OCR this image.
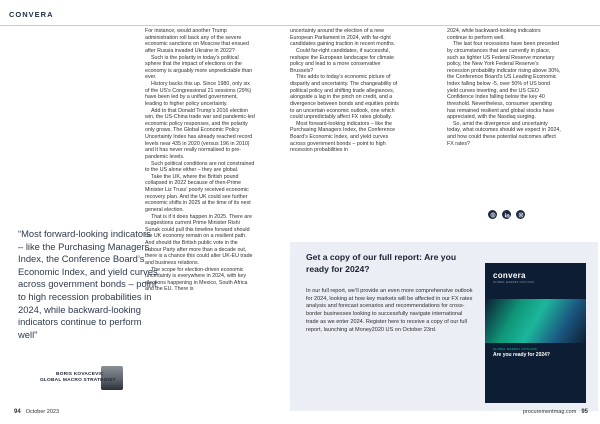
CONVERA
“Most forward-looking indicators – like the Purchasing Managers Index, the Conference Board’s Economic Index, and yield curves across government bonds – point to high recession probabilities in 2024, while backward-looking indicators continue to perform well”
BORIS KOVACEVIC
GLOBAL MACRO STRATEGIST

For instance, would another Trump administration roll back any of the severe economic sanctions on Moscow that ensued after Russia invaded Ukraine in 2022?

Such is the polarity in today’s political sphere that the impact of elections on the economy is arguably more unpredictable than ever.

History backs this up. Since 1980, only six of the US’s Congressional 21 sessions (29%) have been led by a unified government, leading to higher policy uncertainty.

Add to that Donald Trump’s 2016 election win, the US-China trade war and pandemic-led economic policy responses, and the polarity only grows. The Global Economic Policy Uncertainty Index has already reached record levels near 435 in 2020 (versus 196 in 2010) and it has never really normalised to pre-pandemic levels.

Such political conditions are not constrained to the US alone either – they are global.

Take the UK, where the British pound collapsed in 2022 because of then-Prime Minister Liz Truss’ poorly received economic recovery plan. And the UK could see further economic shifts in 2025 at the time of its next general election.

That is if it does happen in 2025. There are suggestions current Prime Minister Rishi Sunak could pull this timeline forward should the UK economy remain on a resilient path. And should the British public vote in the Labour Party after more than a decade out, there is a chance this could alter UK-EU trade and business relations.

The scope for election-driven economic uncertainty is everywhere in 2024, with key elections happening in Mexico, South Africa and the EU. There is

uncertainty around the election of a new European Parliament in 2024, with far-right candidates gaining traction in recent months.

Could far-right candidates, if successful, reshape the European landscape for climate policy and lead to a more conservative Brussels?

This adds to today’s economic picture of disparity and uncertainty. The changeability of political policy and shifting trade allegiances, alongside a lag in the pinch on credit, and a divergence between bonds and equities points to an uncertain economic outlook, one which could unpredictably affect FX rates globally.

Most forward-looking indicators – like the Purchasing Managers Index, the Conference Board’s Economic Index, and yield curves across government bonds – point to high recession probabilities in

2024, while backward-looking indicators continue to perform well.

The last four recessions have been preceded by circumstances that are currently in place, such as tighter US Federal Reserve monetary policy, the New York Federal Reserve’s recession probability indicator rising above 30%, the Conference Board’s US Leading Economic Index falling below -5, over 50% of US bond yield curves inverting, and the US CEO Confidence Index falling below the key 40 threshold. Nevertheless, consumer spending has remained resilient and global stocks have appreciated, with the Nasdaq surging.

So, amid the divergence and uncertainty today, what outcomes should we expect in 2024, and how could these potential outcomes affect FX rates?

Get a copy of our full report: Are you ready for 2024?
In our full report, we’ll provide an even more comprehensive outlook for 2024, looking at how key markets will be affected in our FX rates analysis and forecast scenarios and recommendations for cross-border businesses looking to successfully navigate international trade as we enter 2024. Register here to receive a copy of our full report, launching at Money2020 US on October 23rd.
convera
GLOBAL MARKET OUTLOOK
GLOBAL MARKET OUTLOOK
Are you ready for 2024?
94 October 2023	procurementmag.com 95
